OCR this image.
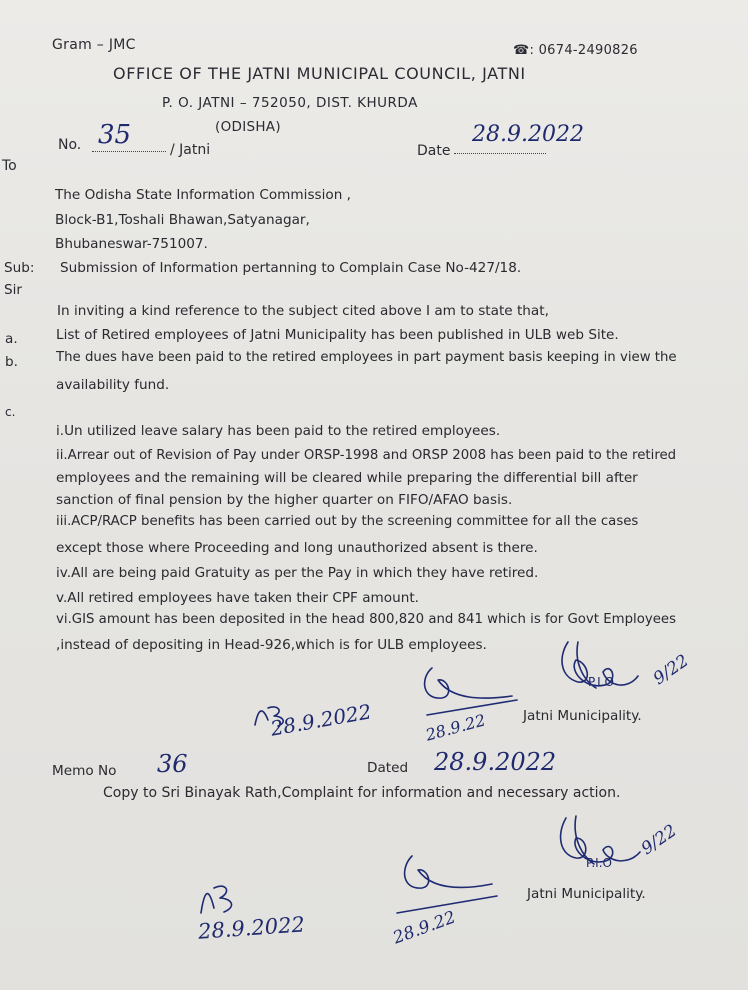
Gram – JMC	☎: 0674-2490826
OFFICE OF THE JATNI MUNICIPAL COUNCIL, JATNI
P. O. JATNI – 752050, DIST. KHURDA
(ODISHA)
No. 35	/ Jatni	Date
28.9.2022
To
The Odisha State Information Commission ,
Block-B1,Toshali Bhawan,Satyanagar,
Bhubaneswar-751007.
Sub: Submission of Information pertanning to Complain Case No-427/18.
Sir
In inviting a kind reference to the subject cited above I am to state that,
a.	List of Retired employees of Jatni Municipality has been published in ULB web Site.
b.	The dues have been paid to the retired employees in part payment basis keeping in view the
availability fund.
c.
i.Un utilized leave salary has been paid to the retired employees.
ii.Arrear out of Revision of Pay under ORSP-1998 and ORSP 2008 has been paid to the retired
employees and the remaining will be cleared while preparing the differential bill after
sanction of final pension by the higher quarter on FIFO/AFAO basis.
iii.ACP/RACP benefits has been carried out by the screening committee for all the cases
except those where Proceeding and long unauthorized absent is there.
iv.All are being paid Gratuity as per the Pay in which they have retired.
v.All retired employees have taken their CPF amount.
vi.GIS amount has been deposited in the head 800,820 and 841 which is for Govt Employees
,instead of depositing in Head-926,which is for ULB employees.
P.I.O 9/22
Jatni Municipality.
28.9.2022	28.9.22
Memo No 36	Dated 28.9.2022
Copy to Sri Binayak Rath,Complaint for information and necessary action.
P.I.O
9/22
Jatni Municipality.
28.9.2022	28.9.22
